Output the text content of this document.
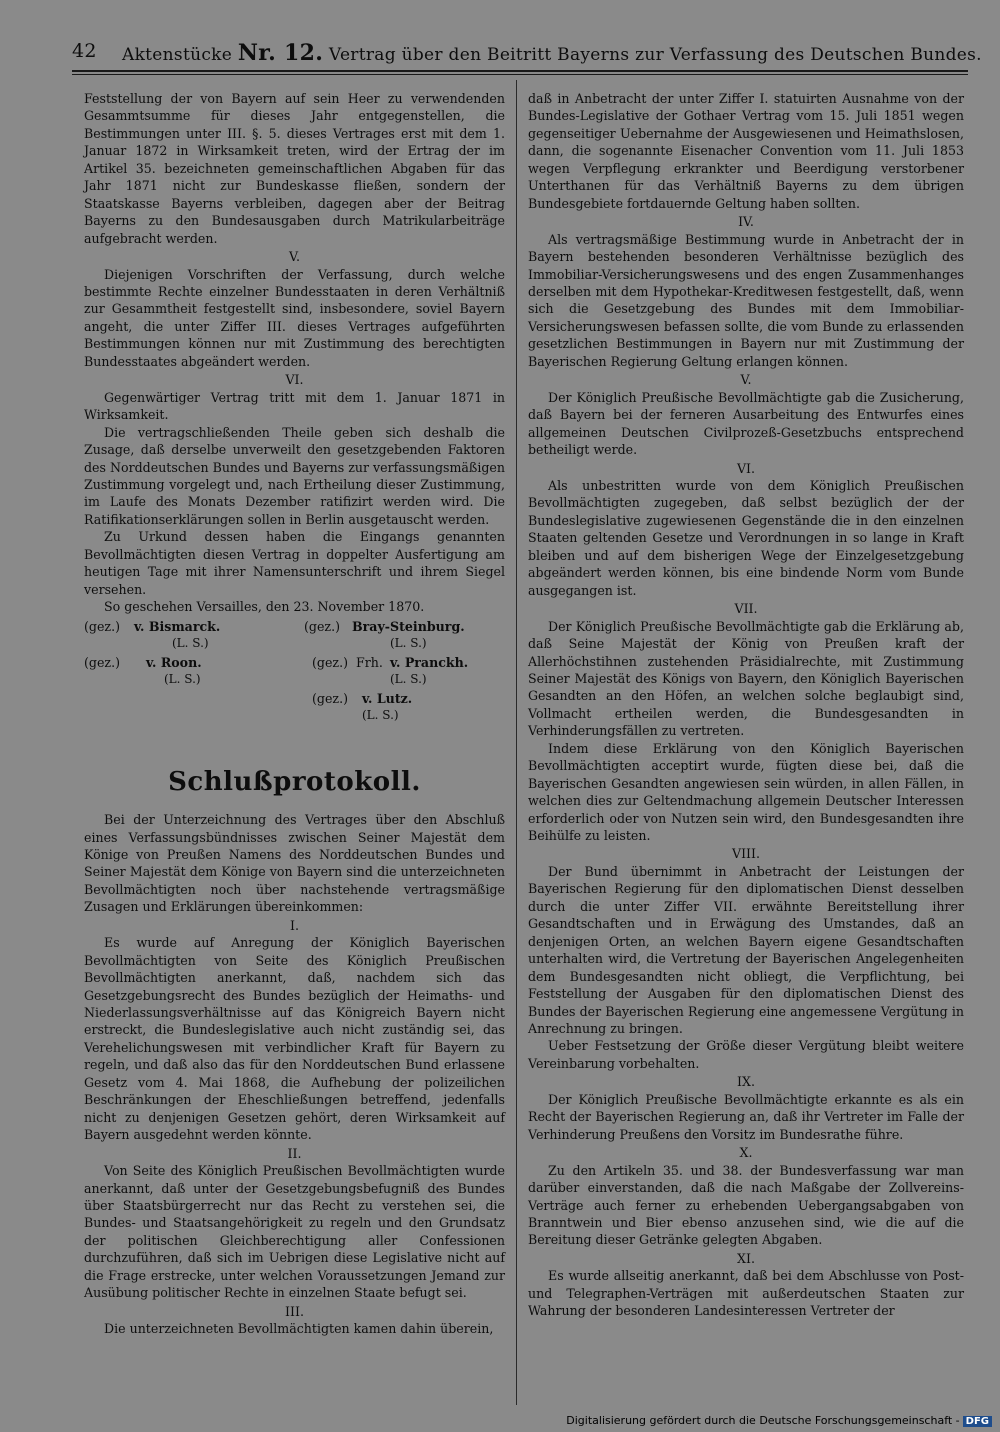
42 Aktenstücke Nr. 12. Vertrag über den Beitritt Bayerns zur Verfassung des Deutschen Bundes.

Feststellung der von Bayern auf sein Heer zu verwendenden Gesammtsumme für dieses Jahr entgegenstellen, die Bestimmungen unter III. §. 5. dieses Vertrages erst mit dem 1. Januar 1872 in Wirksamkeit treten, wird der Ertrag der im Artikel 35. bezeichneten gemeinschaftlichen Abgaben für das Jahr 1871 nicht zur Bundeskasse fließen, sondern der Staatskasse Bayerns verbleiben, dagegen aber der Beitrag Bayerns zu den Bundesausgaben durch Matrikularbeiträge aufgebracht werden.

V.

Diejenigen Vorschriften der Verfassung, durch welche bestimmte Rechte einzelner Bundesstaaten in deren Verhältniß zur Gesammtheit festgestellt sind, insbesondere, soviel Bayern angeht, die unter Ziffer III. dieses Vertrages aufgeführten Bestimmungen können nur mit Zustimmung des berechtigten Bundesstaates abgeändert werden.

VI.

Gegenwärtiger Vertrag tritt mit dem 1. Januar 1871 in Wirksamkeit.

Die vertragschließenden Theile geben sich deshalb die Zusage, daß derselbe unverweilt den gesetzgebenden Faktoren des Norddeutschen Bundes und Bayerns zur verfassungsmäßigen Zustimmung vorgelegt und, nach Ertheilung dieser Zustimmung, im Laufe des Monats Dezember ratifizirt werden wird. Die Ratifikationserklärungen sollen in Berlin ausgetauscht werden.

Zu Urkund dessen haben die Eingangs genannten Bevollmächtigten diesen Vertrag in doppelter Ausfertigung am heutigen Tage mit ihrer Namensunterschrift und ihrem Siegel versehen.

So geschehen Versailles, den 23. November 1870.

(gez.) v. Bismarck.
(L. S.)
(gez.) Bray-Steinburg.
(L. S.)
(gez.) v. Roon.
(L. S.)
(gez.) Frh. v. Pranckh.
(L. S.)
(gez.) v. Lutz.
(L. S.)
Schlußprotokoll.

Bei der Unterzeichnung des Vertrages über den Abschluß eines Verfassungsbündnisses zwischen Seiner Majestät dem Könige von Preußen Namens des Norddeutschen Bundes und Seiner Majestät dem Könige von Bayern sind die unterzeichneten Bevollmächtigten noch über nachstehende vertragsmäßige Zusagen und Erklärungen übereinkommen:

I.

Es wurde auf Anregung der Königlich Bayerischen Bevollmächtigten von Seite des Königlich Preußischen Bevollmächtigten anerkannt, daß, nachdem sich das Gesetzgebungsrecht des Bundes bezüglich der Heimaths- und Niederlassungsverhältnisse auf das Königreich Bayern nicht erstreckt, die Bundeslegislative auch nicht zuständig sei, das Verehelichungswesen mit verbindlicher Kraft für Bayern zu regeln, und daß also das für den Norddeutschen Bund erlassene Gesetz vom 4. Mai 1868, die Aufhebung der polizeilichen Beschränkungen der Eheschließungen betreffend, jedenfalls nicht zu denjenigen Gesetzen gehört, deren Wirksamkeit auf Bayern ausgedehnt werden könnte.

II.

Von Seite des Königlich Preußischen Bevollmächtigten wurde anerkannt, daß unter der Gesetzgebungsbefugniß des Bundes über Staatsbürgerrecht nur das Recht zu verstehen sei, die Bundes- und Staatsangehörigkeit zu regeln und den Grundsatz der politischen Gleichberechtigung aller Confessionen durchzuführen, daß sich im Uebrigen diese Legislative nicht auf die Frage erstrecke, unter welchen Voraussetzungen Jemand zur Ausübung politischer Rechte in einzelnen Staate befugt sei.

III.

Die unterzeichneten Bevollmächtigten kamen dahin überein,

daß in Anbetracht der unter Ziffer I. statuirten Ausnahme von der Bundes-Legislative der Gothaer Vertrag vom 15. Juli 1851 wegen gegenseitiger Uebernahme der Ausgewiesenen und Heimathslosen, dann, die sogenannte Eisenacher Convention vom 11. Juli 1853 wegen Verpflegung erkrankter und Beerdigung verstorbener Unterthanen für das Verhältniß Bayerns zu dem übrigen Bundesgebiete fortdauernde Geltung haben sollten.

IV.

Als vertragsmäßige Bestimmung wurde in Anbetracht der in Bayern bestehenden besonderen Verhältnisse bezüglich des Immobiliar-Versicherungswesens und des engen Zusammenhanges derselben mit dem Hypothekar-Kreditwesen festgestellt, daß, wenn sich die Gesetzgebung des Bundes mit dem Immobiliar-Versicherungswesen befassen sollte, die vom Bunde zu erlassenden gesetzlichen Bestimmungen in Bayern nur mit Zustimmung der Bayerischen Regierung Geltung erlangen können.

V.

Der Königlich Preußische Bevollmächtigte gab die Zusicherung, daß Bayern bei der ferneren Ausarbeitung des Entwurfes eines allgemeinen Deutschen Civilprozeß-Gesetzbuchs entsprechend betheiligt werde.

VI.

Als unbestritten wurde von dem Königlich Preußischen Bevollmächtigten zugegeben, daß selbst bezüglich der der Bundeslegislative zugewiesenen Gegenstände die in den einzelnen Staaten geltenden Gesetze und Verordnungen in so lange in Kraft bleiben und auf dem bisherigen Wege der Einzelgesetzgebung abgeändert werden können, bis eine bindende Norm vom Bunde ausgegangen ist.

VII.

Der Königlich Preußische Bevollmächtigte gab die Erklärung ab, daß Seine Majestät der König von Preußen kraft der Allerhöchstihnen zustehenden Präsidialrechte, mit Zustimmung Seiner Majestät des Königs von Bayern, den Königlich Bayerischen Gesandten an den Höfen, an welchen solche beglaubigt sind, Vollmacht ertheilen werden, die Bundesgesandten in Verhinderungsfällen zu vertreten.

Indem diese Erklärung von den Königlich Bayerischen Bevollmächtigten acceptirt wurde, fügten diese bei, daß die Bayerischen Gesandten angewiesen sein würden, in allen Fällen, in welchen dies zur Geltendmachung allgemein Deutscher Interessen erforderlich oder von Nutzen sein wird, den Bundesgesandten ihre Beihülfe zu leisten.

VIII.

Der Bund übernimmt in Anbetracht der Leistungen der Bayerischen Regierung für den diplomatischen Dienst desselben durch die unter Ziffer VII. erwähnte Bereitstellung ihrer Gesandtschaften und in Erwägung des Umstandes, daß an denjenigen Orten, an welchen Bayern eigene Gesandtschaften unterhalten wird, die Vertretung der Bayerischen Angelegenheiten dem Bundesgesandten nicht obliegt, die Verpflichtung, bei Feststellung der Ausgaben für den diplomatischen Dienst des Bundes der Bayerischen Regierung eine angemessene Vergütung in Anrechnung zu bringen.

Ueber Festsetzung der Größe dieser Vergütung bleibt weitere Vereinbarung vorbehalten.

IX.

Der Königlich Preußische Bevollmächtigte erkannte es als ein Recht der Bayerischen Regierung an, daß ihr Vertreter im Falle der Verhinderung Preußens den Vorsitz im Bundesrathe führe.

X.

Zu den Artikeln 35. und 38. der Bundesverfassung war man darüber einverstanden, daß die nach Maßgabe der Zollvereins-Verträge auch ferner zu erhebenden Uebergangsabgaben von Branntwein und Bier ebenso anzusehen sind, wie die auf die Bereitung dieser Getränke gelegten Abgaben.

XI.

Es wurde allseitig anerkannt, daß bei dem Abschlusse von Post- und Telegraphen-Verträgen mit außerdeutschen Staaten zur Wahrung der besonderen Landesinteressen Vertreter der

Digitalisierung gefördert durch die Deutsche Forschungsgemeinschaft - DFG
